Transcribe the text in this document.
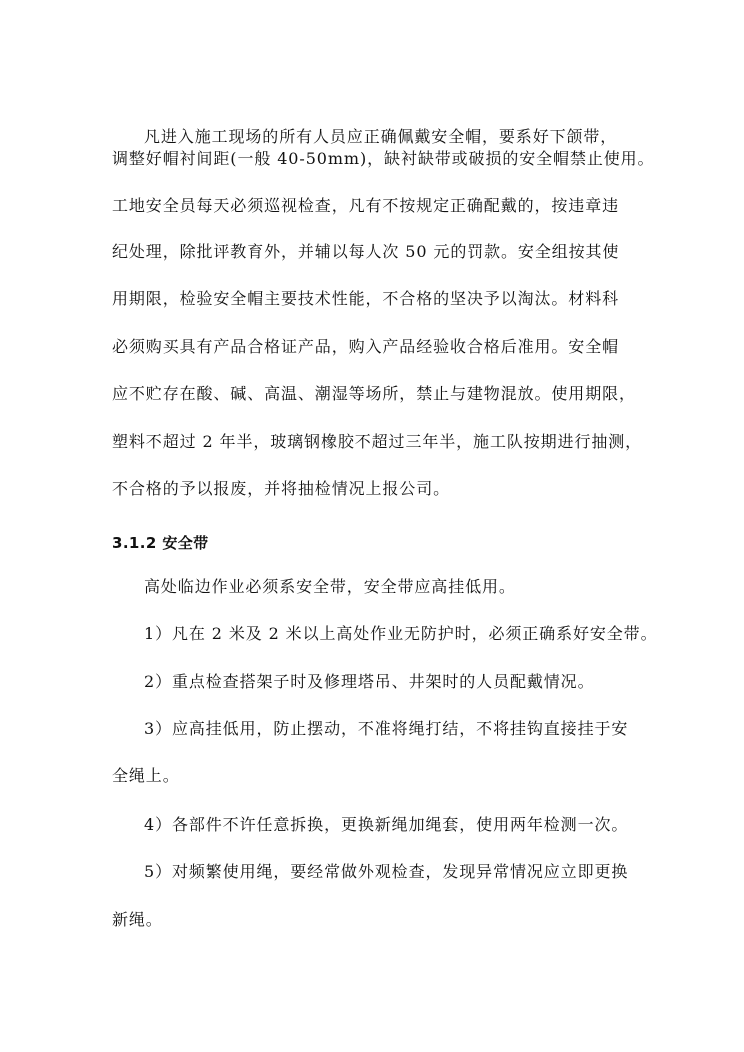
凡进入施工现场的所有人员应正确佩戴安全帽，要系好下颌带，
调整好帽衬间距(一般 40-50mm)，缺衬缺带或破损的安全帽禁止使用。
工地安全员每天必须巡视检查，凡有不按规定正确配戴的，按违章违
纪处理，除批评教育外，并辅以每人次 50 元的罚款。安全组按其使
用期限，检验安全帽主要技术性能，不合格的坚决予以淘汰。材料科
必须购买具有产品合格证产品，购入产品经验收合格后准用。安全帽
应不贮存在酸、碱、高温、潮湿等场所，禁止与建物混放。使用期限，
塑料不超过 2 年半，玻璃钢橡胶不超过三年半，施工队按期进行抽测，
不合格的予以报废，并将抽检情况上报公司。
3.1.2 安全带
高处临边作业必须系安全带，安全带应高挂低用。
1）凡在 2 米及 2 米以上高处作业无防护时，必须正确系好安全带。
2）重点检查搭架子时及修理塔吊、井架时的人员配戴情况。
3）应高挂低用，防止摆动，不准将绳打结，不将挂钩直接挂于安
全绳上。
4）各部件不许任意拆换，更换新绳加绳套，使用两年检测一次。
5）对频繁使用绳，要经常做外观检查，发现异常情况应立即更换
新绳。
